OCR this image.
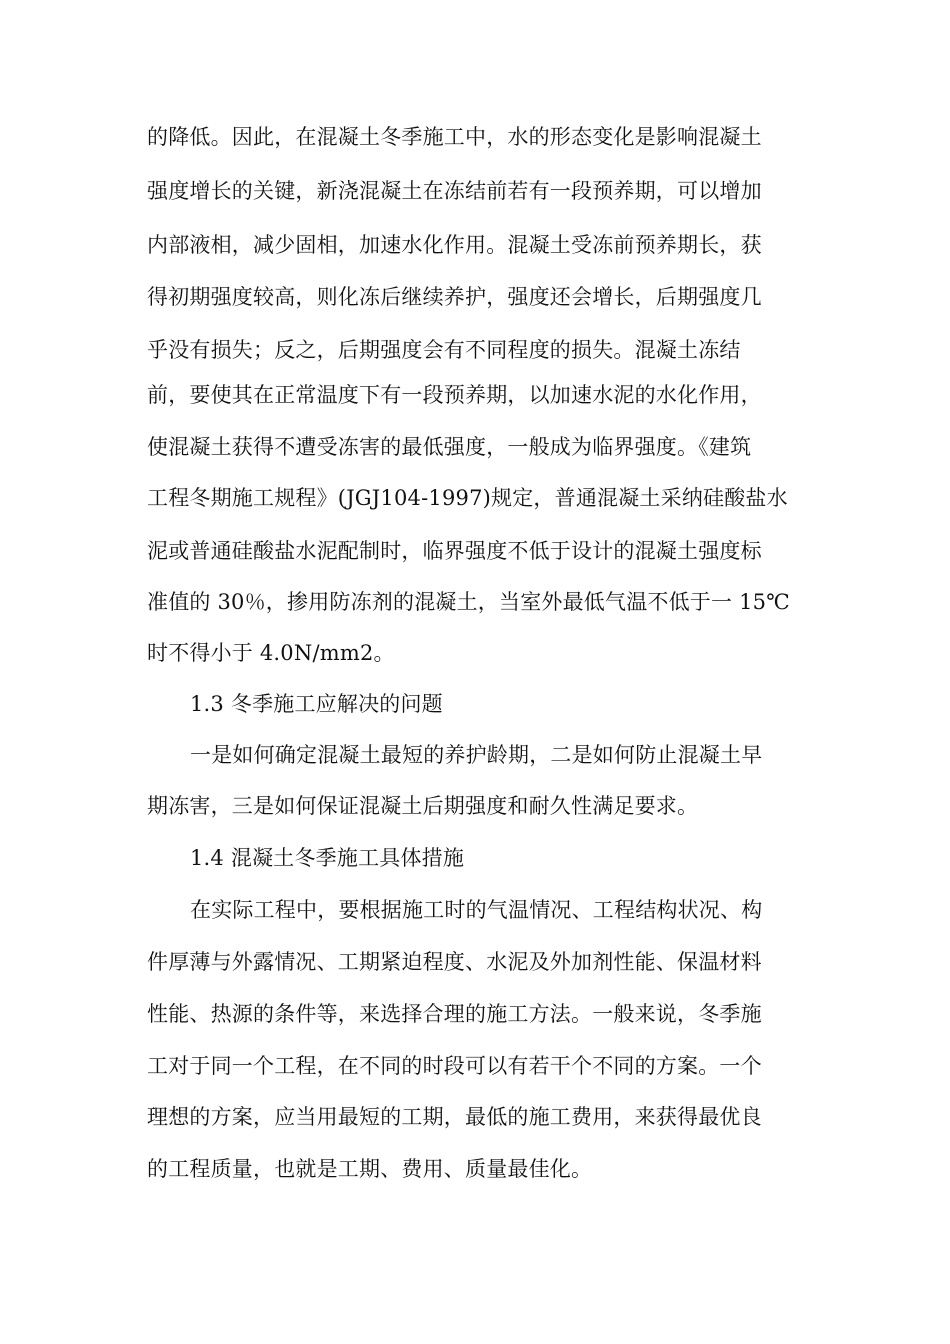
的降低。因此，在混凝土冬季施工中，水的形态变化是影响混凝土
强度增长的关键，新浇混凝土在冻结前若有一段预养期，可以增加
内部液相，减少固相，加速水化作用。混凝土受冻前预养期长，获
得初期强度较高，则化冻后继续养护，强度还会增长，后期强度几
乎没有损失；反之，后期强度会有不同程度的损失。混凝土冻结
前，要使其在正常温度下有一段预养期，以加速水泥的水化作用，
使混凝土获得不遭受冻害的最低强度，一般成为临界强度。《建筑
工程冬期施工规程》(JGJ104-1997)规定，普通混凝土采纳硅酸盐水
泥或普通硅酸盐水泥配制时，临界强度不低于设计的混凝土强度标
准值的 30％，掺用防冻剂的混凝土，当室外最低气温不低于一 15℃
时不得小于 4.0N/mm2。
1.3 冬季施工应解决的问题
一是如何确定混凝土最短的养护龄期，二是如何防止混凝土早
期冻害，三是如何保证混凝土后期强度和耐久性满足要求。
1.4 混凝土冬季施工具体措施
在实际工程中，要根据施工时的气温情况、工程结构状况、构
件厚薄与外露情况、工期紧迫程度、水泥及外加剂性能、保温材料
性能、热源的条件等，来选择合理的施工方法。一般来说，冬季施
工对于同一个工程，在不同的时段可以有若干个不同的方案。一个
理想的方案，应当用最短的工期，最低的施工费用，来获得最优良
的工程质量，也就是工期、费用、质量最佳化。
